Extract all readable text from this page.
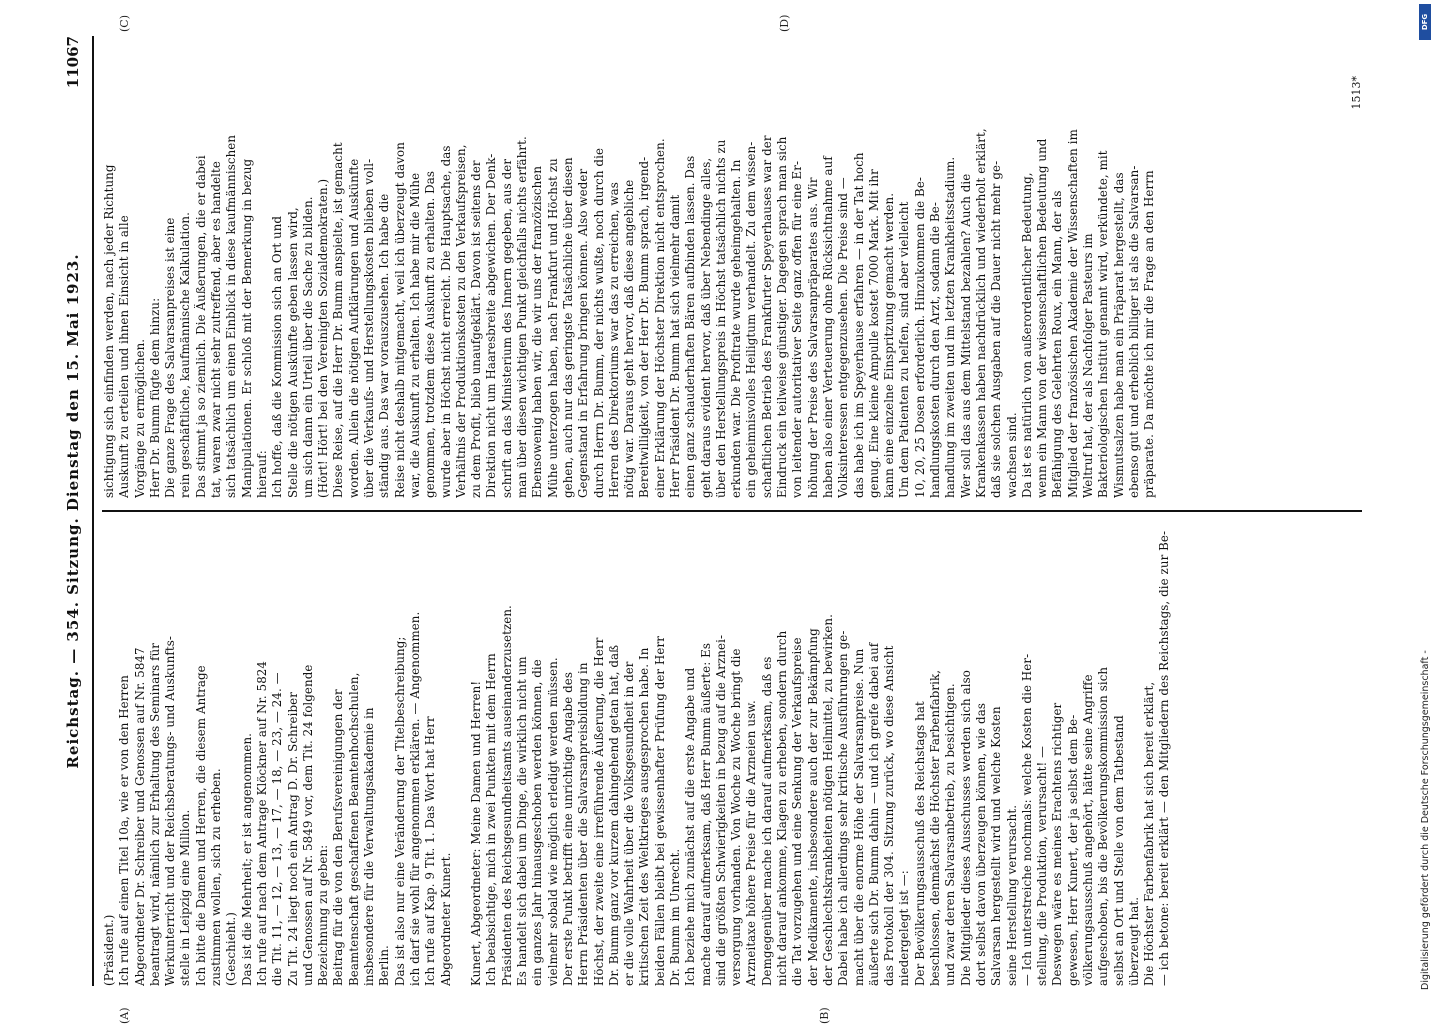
DFG
Digitalisierung gefördert durch die Deutsche Forschungsgemeinschaft -
Reichstag. — 354. Sitzung. Dienstag den 15. Mai 1923.
11067
(A)	(B)
(C)	(D)
(Präsident.) Ich rufe auf einen Titel 10a, wie er von den Herren Abgeordneter Dr. Schreiber und Genossen auf Nr. 5847 beantragt wird, nämlich zur Erhaltung des Seminars für Werkunterricht und der Reichsberatungs- und Auskunfts- stelle in Leipzig eine Million. Ich bitte die Damen und Herren, die diesem Antrage zustimmen wollen, sich zu erheben. (Geschieht.) Das ist die Mehrheit; er ist angenommen. Ich rufe auf nach dem Antrage Klöckner auf Nr. 5824 die Tit. 11, — 12, — 13, — 17, — 18, — 23, — 24. — Zu Tit. 24 liegt noch ein Antrag D. Dr. Schreiber und Genossen auf Nr. 5849 vor, dem Tit. 24 folgende Bezeichnung zu geben: Beitrag für die von den Berufsvereinigungen der Beamtenschaft geschaffenen Beamtenhochschulen, insbesondere für die Verwaltungsakademie in Berlin. Das ist also nur eine Veränderung der Titelbeschreibung; ich darf sie wohl für angenommen erklären. — Angenommen. Ich rufe auf Kap. 9 Tit. 1. Das Wort hat Herr Abgeordneter Kunert.
Kunert, Abgeordneter: Meine Damen und Herren! Ich beabsichtige, mich in zwei Punkten mit dem Herrn Präsidenten des Reichsgesundheitsamts auseinanderzusetzen. Es handelt sich dabei um Dinge, die wirklich nicht um ein ganzes Jahr hinausgeschoben werden können, die vielmehr sobald wie möglich erledigt werden müssen. Der erste Punkt betrifft eine unrichtige Angabe des Herrn Präsidenten über die Salvarsanpreisbildung in Höchst, der zweite eine irreführende Äußerung, die Herr Dr. Bumm ganz vor kurzem dahingehend getan hat, daß er die volle Wahrheit über die Volksgesundheit in der kritischen Zeit des Weltkrieges ausgesprochen habe. In beiden Fällen bleibt bei gewissenhafter Prüfung der Herr Dr. Bumm im Unrecht. Ich beziehe mich zunächst auf die erste Angabe und mache darauf aufmerksam, daß Herr Bumm äußerte: Es sind die größten Schwierigkeiten in bezug auf die Arznei- versorgung vorhanden. Von Woche zu Woche bringt die Arzneitaxe höhere Preise für die Arzneien usw. Demgegenüber mache ich darauf aufmerksam, daß es nicht darauf ankomme, Klagen zu erheben, sondern durch die Tat vorzugehen und eine Senkung der Verkaufspreise der Medikamente, insbesondere auch der zur Bekämpfung der Geschlechtskrankheiten nötigen Heilmittel, zu bewirken. Dabei habe ich allerdings sehr kritische Ausführungen ge- macht über die enorme Höhe der Salvarsanpreise. Nun äußerte sich Dr. Bumm dahin — und ich greife dabei auf das Protokoll der 304. Sitzung zurück, wo diese Ansicht niedergelegt ist —: Der Bevölkerungsausschuß des Reichstags hat beschlossen, denmächst die Höchster Farbenfabrik, und zwar deren Salvarsanbetrieb, zu besichtigen. Die Mitglieder dieses Ausschusses werden sich also dort selbst davon überzeugen können, wie das Salvarsan hergestellt wird und welche Kosten seine Herstellung verursacht. — Ich unterstreiche nochmals: welche Kosten die Her- stellung, die Produktion, verursacht! — Deswegen wäre es meines Erachtens richtiger gewesen, Herr Kunert, der ja selbst dem Be- völkerungsausschuß angehört, hätte seine Angriffe aufgeschoben, bis die Bevölkerungskommission sich selbst an Ort und Stelle von dem Tatbestand überzeugt hat. Die Höchster Farbenfabrik hat sich bereit erklärt, — ich betone: bereit erklärt — den Mitgliedern des Reichstags, die zur Be-
sichtigung sich einfinden werden, nach jeder Richtung Auskunft zu erteilen und ihnen Einsicht in alle Vorgänge zu ermöglichen. Herr Dr. Bumm fügte dem hinzu: Die ganze Frage des Salvarsanpreises ist eine rein geschäftliche, kaufmännische Kalkulation. Das stimmt ja so ziemlich. Die Äußerungen, die er dabei tat, waren zwar nicht sehr zutreffend, aber es handelte sich tatsächlich um einen Einblick in diese kaufmännischen Manipulationen. Er schloß mit der Bemerkung in bezug hierauf: Ich hoffe, daß die Kommission sich an Ort und Stelle die nötigen Auskünfte geben lassen wird, um sich dann ein Urteil über die Sache zu bilden. (Hört! Hört! bei den Vereinigten Sozialdemokraten.) Diese Reise, auf die Herr Dr. Bumm anspielte, ist gemacht worden. Allein die nötigen Aufklärungen und Auskünfte über die Verkaufs- und Herstellungskosten blieben voll- ständig aus. Das war vorauszusehen. Ich habe die Reise nicht deshalb mitgemacht, weil ich überzeugt davon war, die Auskunft zu erhalten. Ich habe mir die Mühe genommen, trotzdem diese Auskunft zu erhalten. Das wurde aber in Höchst nicht erreicht. Die Hauptsache, das Verhältnis der Produktionskosten zu den Verkaufspreisen, zu dem Profit, blieb unaufgeklärt. Davon ist seitens der Direktion nicht um Haaresbreite abgewichen. Der Denk- schrift an das Ministerium des Innern gegeben, aus der man über diesen wichtigen Punkt gleichfalls nichts erfährt. Ebensowenig haben wir, die wir uns der franzözischen Mühe unterzogen haben, nach Frankfurt und Höchst zu gehen, auch nur das geringste Tatsächliche über diesen Gegenstand in Erfahrung bringen können. Also weder durch Herrn Dr. Bumm, der nichts wußte, noch durch die Herren des Direktoriums war das zu erreichen, was nötig war. Daraus geht hervor, daß diese angebliche Bereitwilligkeit, von der Herr Dr. Bumm sprach, irgend- einer Erklärung der Höchster Direktion nicht entsprochen. Herr Präsident Dr. Bumm hat sich vielmehr damit einen ganz schauderhaften Bären aufbinden lassen. Das geht daraus evident hervor, daß über Nebendinge alles, über den Herstellungspreis in Höchst tatsächlich nichts zu erkunden war. Die Profitrate wurde geheimgehalten. In ein geheimnisvolles Heiligtum verhandelt. Zu dem wissen- schaftlichen Betrieb des Frankfurter Speyerhauses war der Eindruck ein teilweise günstiger. Dagegen sprach man sich von leitender autoritativer Seite ganz offen für eine Er- höhung der Preise des Salvarsanpräparates aus. Wir haben also einer Verteuerung ohne Rücksichtnahme auf Volksinteressen entgegenzusehen. Die Preise sind — das habe ich im Speyerhause erfahren — in der Tat hoch genug. Eine kleine Ampulle kostet 7000 Mark. Mit ihr kann eine einzelne Einspritzung gemacht werden. Um dem Patienten zu helfen, sind aber vielleicht 10, 20, 25 Dosen erforderlich. Hinzukommen die Be- handlungskosten durch den Arzt, sodann die Be- handlung im zweiten und im letzten Krankheitsstadium. Wer soll das aus dem Mittelstand bezahlen? Auch die Krankenkassen haben nachdrücklich und wiederholt erklärt, daß sie solchen Ausgaben auf die Dauer nicht mehr ge- wachsen sind. Da ist es natürlich von außerordentlicher Bedeutung, wenn ein Mann von der wissenschaftlichen Bedeutung und Befähigung des Gelehrten Roux, ein Mann, der als Mitglied der französischen Akademie der Wissenschaften im Weltruf hat, der als Nachfolger Pasteurs im Bakteriologischen Institut genannt wird, verkündete, mit Wismutsalzen habe man ein Präparat hergestellt, das ebenso gut und erheblich billiger ist als die Salvarsan- präparate. Da möchte ich mir die Frage an den Herrn
1513*
